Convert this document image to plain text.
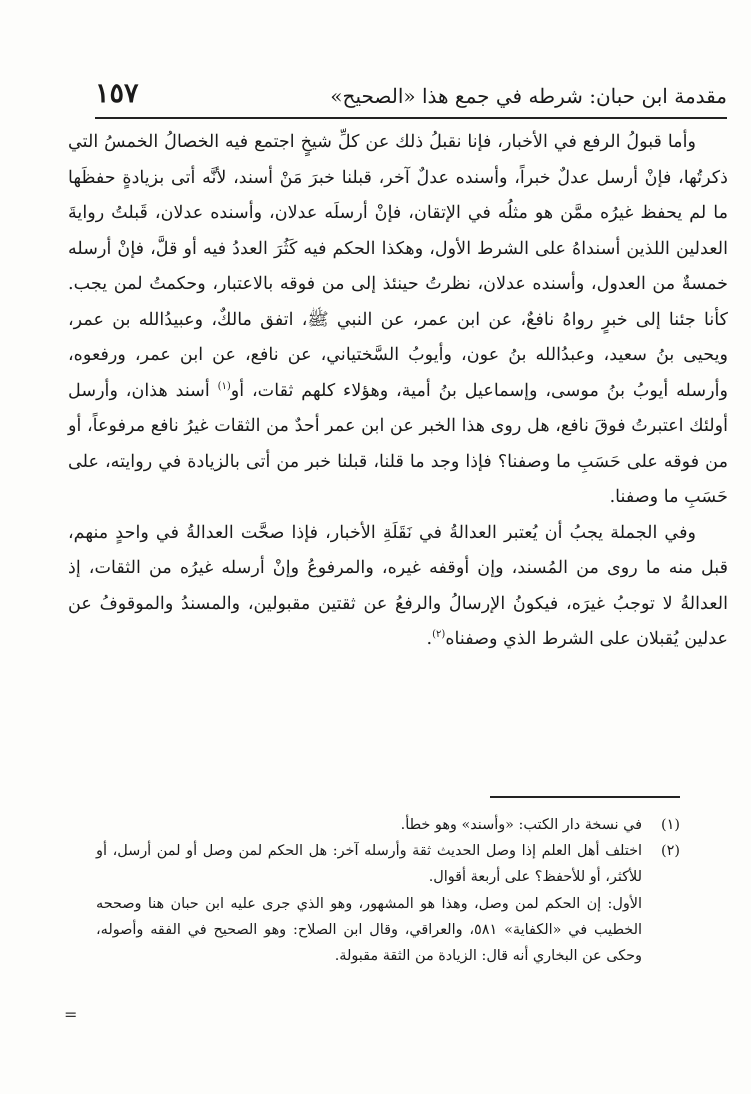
١٥٧	مقدمة ابن حبان: شرطه في جمع هذا «الصحيح»

وأما قبولُ الرفع في الأخبار، فإنا نقبلُ ذلك عن كلِّ شيخٍ اجتمع فيه الخصالُ الخمسُ التي ذكرتُها، فإنْ أرسل عدلٌ خبراً، وأسنده عدلٌ آخر، قبلنا خبرَ مَنْ أسند، لأنَّه أتى بزيادةٍ حفظَها ما لم يحفظ غيرُه ممَّن هو مثلُه في الإتقان، فإنْ أرسلَه عدلان، وأسنده عدلان، قَبلتُ روايةَ العدلين اللذين أسنداهُ على الشرط الأول، وهكذا الحكم فيه كَثُرَ العددُ فيه أو قلَّ، فإنْ أرسله خمسةٌ من العدول، وأسنده عدلان، نظرتُ حينئذ إلى من فوقه بالاعتبار، وحكمتُ لمن يجب. كأنا جئنا إلى خبرٍ رواهُ نافعٌ، عن ابن عمر، عن النبي ﷺ، اتفق مالكٌ، وعبيدُالله بن عمر، ويحيى بنُ سعيد، وعبدُالله بنُ عون، وأيوبُ السَّختياني، عن نافع، عن ابن عمر، ورفعوه، وأرسله أيوبُ بنُ موسى، وإسماعيل بنُ أمية، وهؤلاء كلهم ثقات، أو$^{(١)}$ أسند هذان، وأرسل أولئك اعتبرتُ فوقَ نافع، هل روى هذا الخبر عن ابن عمر أحدٌ من الثقات غيرُ نافع مرفوعاً، أو من فوقه على حَسَبِ ما وصفنا؟ فإذا وجد ما قلنا، قبلنا خبر من أتى بالزيادة في روايته، على حَسَبِ ما وصفنا.

وفي الجملة يجبُ أن يُعتبر العدالةُ في نَقَلَةِ الأخبار، فإذا صحَّت العدالةُ في واحدٍ منهم، قبل منه ما روى من المُسند، وإن أوقفه غيره، والمرفوعُ وإنْ أرسله غيرُه من الثقات، إذ العدالةُ لا توجبُ غيرَه، فيكونُ الإرسالُ والرفعُ عن ثقتين مقبولين، والمسندُ والموقوفُ عن عدلين يُقبلان على الشرط الذي وصفناه$^{(٢)}$.

(١)

في نسخة دار الكتب: «وأسند» وهو خطأ.

(٢)

اختلف أهل العلم إذا وصل الحديث ثقة وأرسله آخر: هل الحكم لمن وصل أو لمن أرسل، أو للأكثر، أو للأحفظ؟ على أربعة أقوال.

الأول: إن الحكم لمن وصل، وهذا هو المشهور، وهو الذي جرى عليه ابن حبان هنا وصححه الخطيب في «الكفاية» ٥٨١، والعراقي، وقال ابن الصلاح: وهو الصحيح في الفقه وأصوله، وحكى عن البخاري أنه قال: الزيادة من الثقة مقبولة.

=
